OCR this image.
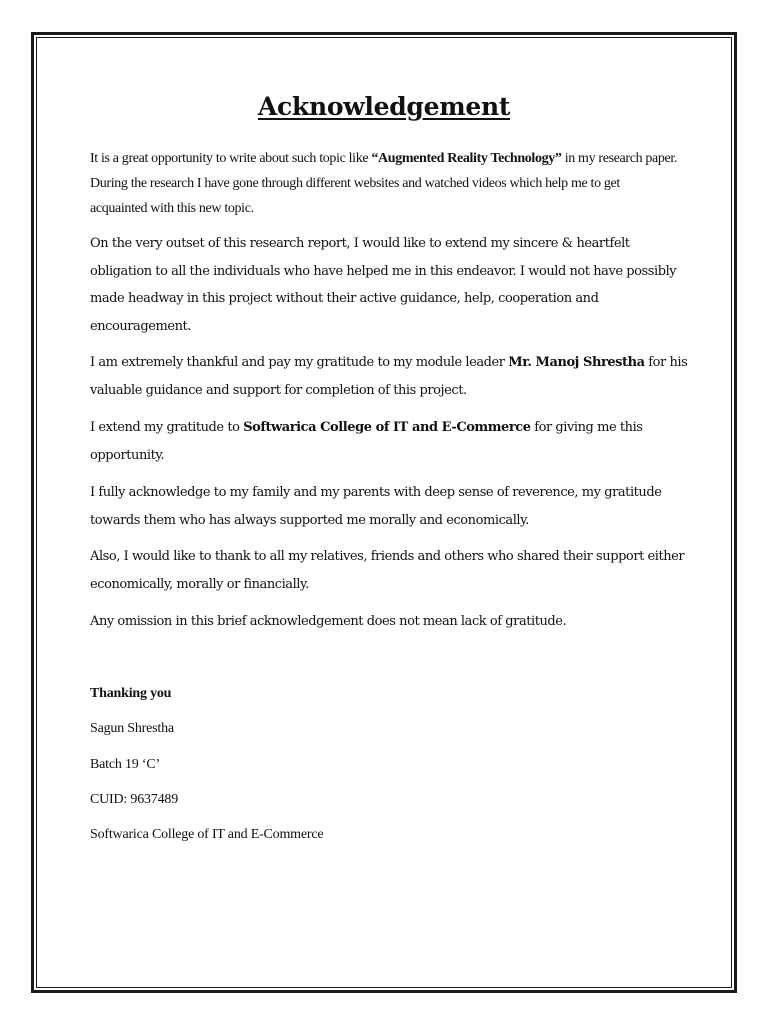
Acknowledgement

It is a great opportunity to write about such topic like “Augmented Reality Technology” in my research paper. During the research I have gone through different websites and watched videos which help me to get acquainted with this new topic.

On the very outset of this research report, I would like to extend my sincere & heartfelt obligation to all the individuals who have helped me in this endeavor. I would not have possibly made headway in this project without their active guidance, help, cooperation and encouragement.

I am extremely thankful and pay my gratitude to my module leader Mr. Manoj Shrestha for his valuable guidance and support for completion of this project.

I extend my gratitude to Softwarica College of IT and E-Commerce for giving me this opportunity.

I fully acknowledge to my family and my parents with deep sense of reverence, my gratitude towards them who has always supported me morally and economically.

Also, I would like to thank to all my relatives, friends and others who shared their support either economically, morally or financially.

Any omission in this brief acknowledgement does not mean lack of gratitude.

Thanking you
Sagun Shrestha
Batch 19 ‘C’
CUID: 9637489
Softwarica College of IT and E-Commerce
